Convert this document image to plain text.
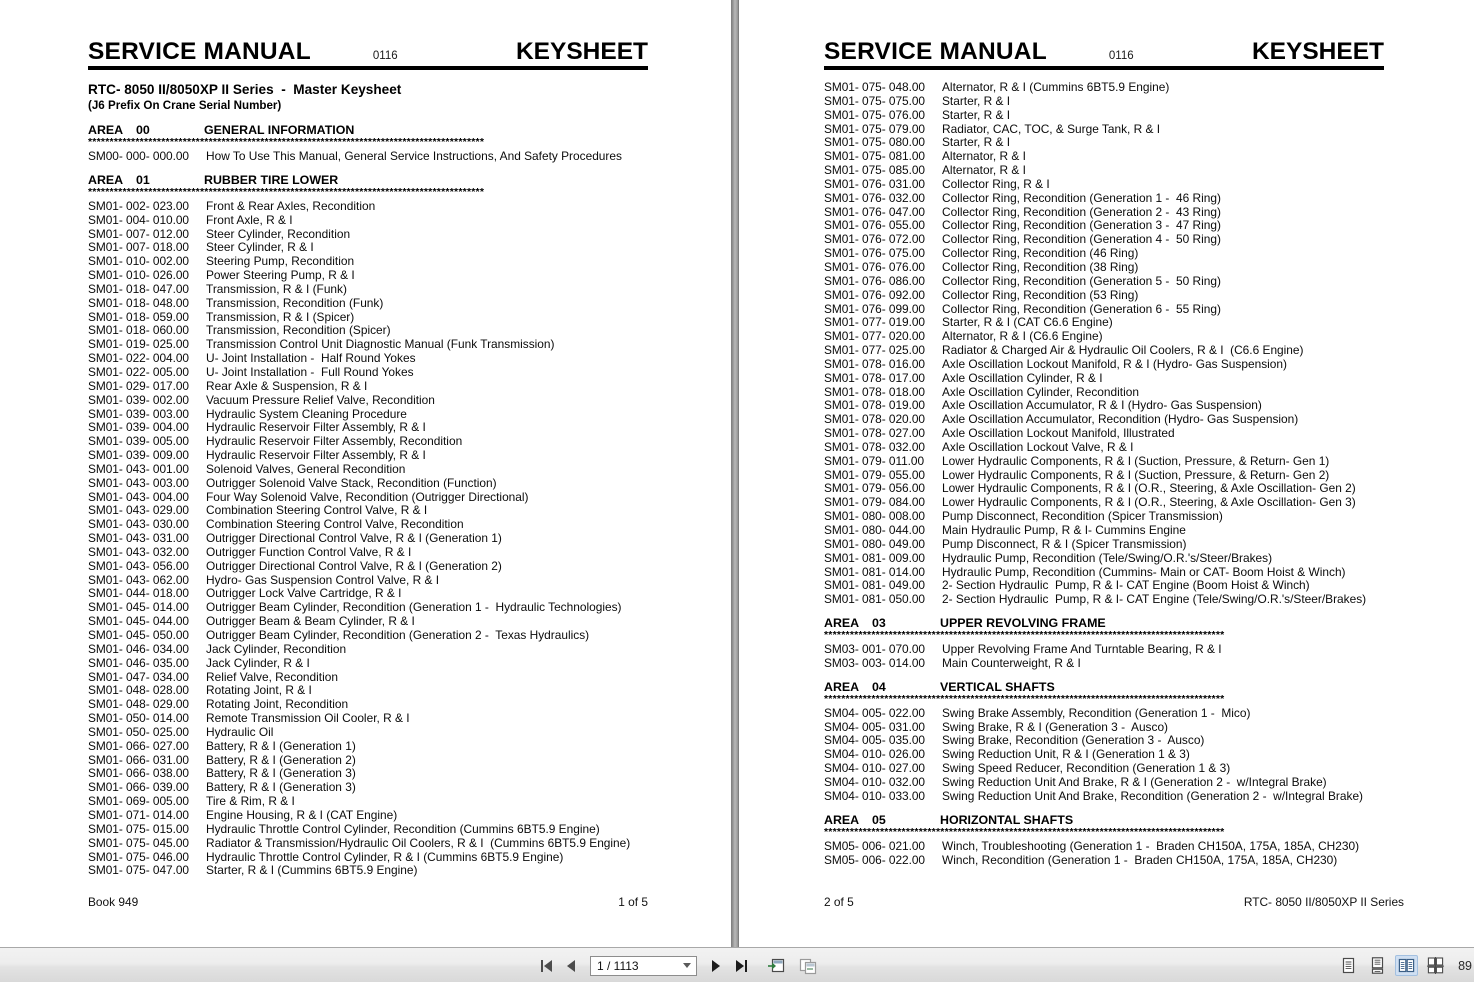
SERVICE MANUAL	0116	KEYSHEET
RTC- 8050 II/8050XP II Series  -  Master Keysheet
(J6 Prefix On Crane Serial Number)
AREA	00	GENERAL INFORMATION
********************************************************************************************
SM00- 000- 000.00	How To Use This Manual, General Service Instructions, And Safety Procedures
AREA	01	RUBBER TIRE LOWER
********************************************************************************************
SM01- 002- 023.00	Front & Rear Axles, Recondition
SM01- 004- 010.00	Front Axle, R & I
SM01- 007- 012.00	Steer Cylinder, Recondition
SM01- 007- 018.00	Steer Cylinder, R & I
SM01- 010- 002.00	Steering Pump, Recondition
SM01- 010- 026.00	Power Steering Pump, R & I
SM01- 018- 047.00	Transmission, R & I (Funk)
SM01- 018- 048.00	Transmission, Recondition (Funk)
SM01- 018- 059.00	Transmission, R & I (Spicer)
SM01- 018- 060.00	Transmission, Recondition (Spicer)
SM01- 019- 025.00	Transmission Control Unit Diagnostic Manual (Funk Transmission)
SM01- 022- 004.00	U- Joint Installation -  Half Round Yokes
SM01- 022- 005.00	U- Joint Installation -  Full Round Yokes
SM01- 029- 017.00	Rear Axle & Suspension, R & I
SM01- 039- 002.00	Vacuum Pressure Relief Valve, Recondition
SM01- 039- 003.00	Hydraulic System Cleaning Procedure
SM01- 039- 004.00	Hydraulic Reservoir Filter Assembly, R & I
SM01- 039- 005.00	Hydraulic Reservoir Filter Assembly, Recondition
SM01- 039- 009.00	Hydraulic Reservoir Filter Assembly, R & I
SM01- 043- 001.00	Solenoid Valves, General Recondition
SM01- 043- 003.00	Outrigger Solenoid Valve Stack, Recondition (Function)
SM01- 043- 004.00	Four Way Solenoid Valve, Recondition (Outrigger Directional)
SM01- 043- 029.00	Combination Steering Control Valve, R & I
SM01- 043- 030.00	Combination Steering Control Valve, Recondition
SM01- 043- 031.00	Outrigger Directional Control Valve, R & I (Generation 1)
SM01- 043- 032.00	Outrigger Function Control Valve, R & I
SM01- 043- 056.00	Outrigger Directional Control Valve, R & I (Generation 2)
SM01- 043- 062.00	Hydro- Gas Suspension Control Valve, R & I
SM01- 044- 018.00	Outrigger Lock Valve Cartridge, R & I
SM01- 045- 014.00	Outrigger Beam Cylinder, Recondition (Generation 1 -  Hydraulic Technologies)
SM01- 045- 044.00	Outrigger Beam & Beam Cylinder, R & I
SM01- 045- 050.00	Outrigger Beam Cylinder, Recondition (Generation 2 -  Texas Hydraulics)
SM01- 046- 034.00	Jack Cylinder, Recondition
SM01- 046- 035.00	Jack Cylinder, R & I
SM01- 047- 034.00	Relief Valve, Recondition
SM01- 048- 028.00	Rotating Joint, R & I
SM01- 048- 029.00	Rotating Joint, Recondition
SM01- 050- 014.00	Remote Transmission Oil Cooler, R & I
SM01- 050- 025.00	Hydraulic Oil
SM01- 066- 027.00	Battery, R & I (Generation 1)
SM01- 066- 031.00	Battery, R & I (Generation 2)
SM01- 066- 038.00	Battery, R & I (Generation 3)
SM01- 066- 039.00	Battery, R & I (Generation 3)
SM01- 069- 005.00	Tire & Rim, R & I
SM01- 071- 014.00	Engine Housing, R & I (CAT Engine)
SM01- 075- 015.00	Hydraulic Throttle Control Cylinder, Recondition (Cummins 6BT5.9 Engine)
SM01- 075- 045.00	Radiator & Transmission/Hydraulic Oil Coolers, R & I  (Cummins 6BT5.9 Engine)
SM01- 075- 046.00	Hydraulic Throttle Control Cylinder, R & I (Cummins 6BT5.9 Engine)
SM01- 075- 047.00	Starter, R & I (Cummins 6BT5.9 Engine)
Book 949	1 of 5
SERVICE MANUAL	0116	KEYSHEET
SM01- 075- 048.00	Alternator, R & I (Cummins 6BT5.9 Engine)
SM01- 075- 075.00	Starter, R & I
SM01- 075- 076.00	Starter, R & I
SM01- 075- 079.00	Radiator, CAC, TOC, & Surge Tank, R & I
SM01- 075- 080.00	Starter, R & I
SM01- 075- 081.00	Alternator, R & I
SM01- 075- 085.00	Alternator, R & I
SM01- 076- 031.00	Collector Ring, R & I
SM01- 076- 032.00	Collector Ring, Recondition (Generation 1 -  46 Ring)
SM01- 076- 047.00	Collector Ring, Recondition (Generation 2 -  43 Ring)
SM01- 076- 055.00	Collector Ring, Recondition (Generation 3 -  47 Ring)
SM01- 076- 072.00	Collector Ring, Recondition (Generation 4 -  50 Ring)
SM01- 076- 075.00	Collector Ring, Recondition (46 Ring)
SM01- 076- 076.00	Collector Ring, Recondition (38 Ring)
SM01- 076- 086.00	Collector Ring, Recondition (Generation 5 -  50 Ring)
SM01- 076- 092.00	Collector Ring, Recondition (53 Ring)
SM01- 076- 099.00	Collector Ring, Recondition (Generation 6 -  55 Ring)
SM01- 077- 019.00	Starter, R & I (CAT C6.6 Engine)
SM01- 077- 020.00	Alternator, R & I (C6.6 Engine)
SM01- 077- 025.00	Radiator & Charged Air & Hydraulic Oil Coolers, R & I  (C6.6 Engine)
SM01- 078- 016.00	Axle Oscillation Lockout Manifold, R & I (Hydro- Gas Suspension)
SM01- 078- 017.00	Axle Oscillation Cylinder, R & I
SM01- 078- 018.00	Axle Oscillation Cylinder, Recondition
SM01- 078- 019.00	Axle Oscillation Accumulator, R & I (Hydro- Gas Suspension)
SM01- 078- 020.00	Axle Oscillation Accumulator, Recondition (Hydro- Gas Suspension)
SM01- 078- 027.00	Axle Oscillation Lockout Manifold, Illustrated
SM01- 078- 032.00	Axle Oscillation Lockout Valve, R & I
SM01- 079- 011.00	Lower Hydraulic Components, R & I (Suction, Pressure, & Return- Gen 1)
SM01- 079- 055.00	Lower Hydraulic Components, R & I (Suction, Pressure, & Return- Gen 2)
SM01- 079- 056.00	Lower Hydraulic Components, R & I (O.R., Steering, & Axle Oscillation- Gen 2)
SM01- 079- 084.00	Lower Hydraulic Components, R & I (O.R., Steering, & Axle Oscillation- Gen 3)
SM01- 080- 008.00	Pump Disconnect, Recondition (Spicer Transmission)
SM01- 080- 044.00	Main Hydraulic Pump, R & I- Cummins Engine
SM01- 080- 049.00	Pump Disconnect, R & I (Spicer Transmission)
SM01- 081- 009.00	Hydraulic Pump, Recondition (Tele/Swing/O.R.'s/Steer/Brakes)
SM01- 081- 014.00	Hydraulic Pump, Recondition (Cummins- Main or CAT- Boom Hoist & Winch)
SM01- 081- 049.00	2- Section Hydraulic  Pump, R & I- CAT Engine (Boom Hoist & Winch)
SM01- 081- 050.00	2- Section Hydraulic  Pump, R & I- CAT Engine (Tele/Swing/O.R.'s/Steer/Brakes)
AREA	03	UPPER REVOLVING FRAME
*********************************************************************************************
SM03- 001- 070.00	Upper Revolving Frame And Turntable Bearing, R & I
SM03- 003- 014.00	Main Counterweight, R & I
AREA	04	VERTICAL SHAFTS
*********************************************************************************************
SM04- 005- 022.00	Swing Brake Assembly, Recondition (Generation 1 -  Mico)
SM04- 005- 031.00	Swing Brake, R & I (Generation 3 -  Ausco)
SM04- 005- 035.00	Swing Brake, Recondition (Generation 3 -  Ausco)
SM04- 010- 026.00	Swing Reduction Unit, R & I (Generation 1 & 3)
SM04- 010- 027.00	Swing Speed Reducer, Recondition (Generation 1 & 3)
SM04- 010- 032.00	Swing Reduction Unit And Brake, R & I (Generation 2 -  w/Integral Brake)
SM04- 010- 033.00	Swing Reduction Unit And Brake, Recondition (Generation 2 -  w/Integral Brake)
AREA	05	HORIZONTAL SHAFTS
*********************************************************************************************
SM05- 006- 021.00	Winch, Troubleshooting (Generation 1 -  Braden CH150A, 175A, 185A, CH230)
SM05- 006- 022.00	Winch, Recondition (Generation 1 -  Braden CH150A, 175A, 185A, CH230)
2 of 5	RTC- 8050 II/8050XP II Series
1 / 1113
89
